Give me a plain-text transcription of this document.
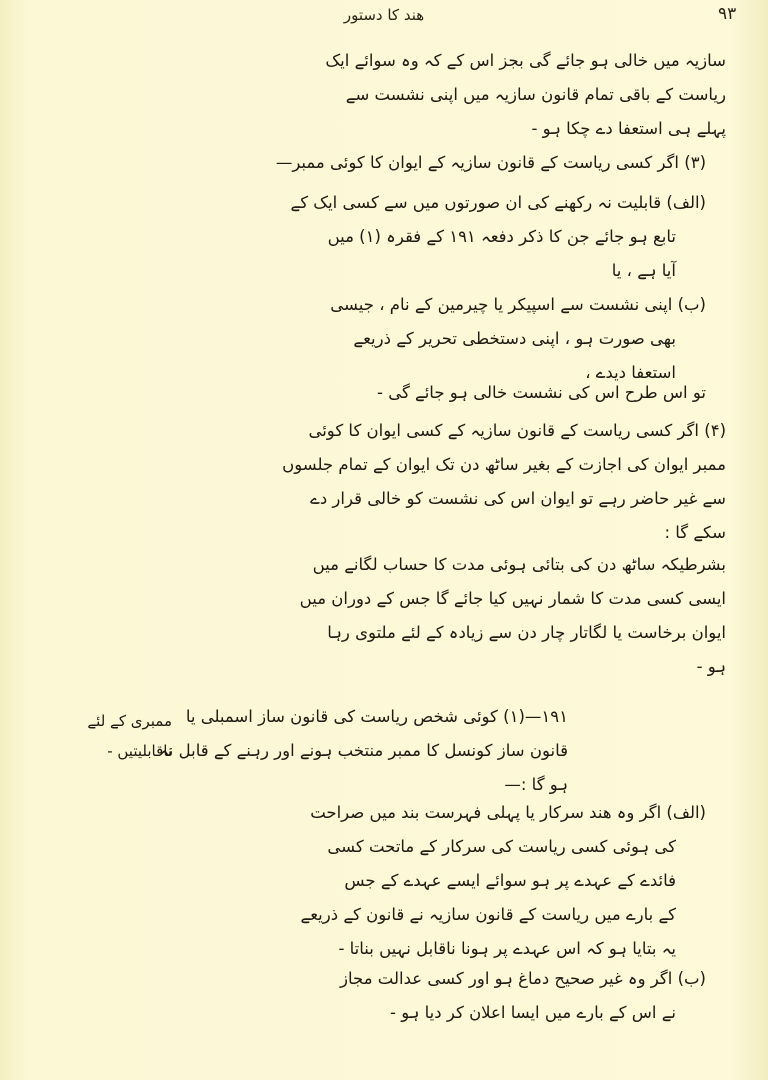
ھند کا دستور	۹۳
سازیہ میں خالی ہو جائے گی بجز اس کے کہ وہ سوائے ایک
ریاست کے باقی تمام قانون سازیہ میں اپنی نشست سے
پہلے ہی استعفا دے چکا ہو -
(۳) اگر کسی ریاست کے قانون سازیہ کے ایوان کا کوئی ممبر—
(الف) قابلیت نہ رکھنے کی ان صورتوں میں سے کسی ایک کے
تابع ہو جائے جن کا ذکر دفعہ ۱۹۱ کے فقرہ (۱) میں
آیا ہے ، یا
(ب) اپنی نشست سے اسپیکر یا چیرمین کے نام ، جیسی
بھی صورت ہو ، اپنی دستخطی تحریر کے ذریعے
استعفا دیدے ،
تو اس طرح اس کی نشست خالی ہو جائے گی -
(۴) اگر کسی ریاست کے قانون سازیہ کے کسی ایوان کا کوئی
ممبر ایوان کی اجازت کے بغیر ساٹھ دن تک ایوان کے تمام جلسوں
سے غیر حاضر رہے تو ایوان اس کی نشست کو خالی قرار دے
سکے گا :
بشرطیکہ ساٹھ دن کی بتائی ہوئی مدت کا حساب لگانے میں
ایسی کسی مدت کا شمار نہیں کیا جائے گا جس کے دوران میں
ایوان برخاست یا لگاتار چار دن سے زیادہ کے لئے ملتوی رہا
ہو -
۱۹۱—(۱) کوئی شخص ریاست کی قانون ساز اسمبلی یا
قانون ساز کونسل کا ممبر منتخب ہونے اور رہنے کے قابل نہ
ہو گا :—
ممبری کے لئے
ناقابلیتیں -
(الف) اگر وہ ھند سرکار یا پہلی فہرست بند میں صراحت
کی ہوئی کسی ریاست کی سرکار کے ماتحت کسی
فائدے کے عہدے پر ہو سوائے ایسے عہدے کے جس
کے بارے میں ریاست کے قانون سازیہ نے قانون کے ذریعے
یہ بتایا ہو کہ اس عہدے پر ہونا ناقابل نہیں بناتا -
(ب) اگر وہ غیر صحیح دماغ ہو اور کسی عدالت مجاز
نے اس کے بارے میں ایسا اعلان کر دیا ہو -
